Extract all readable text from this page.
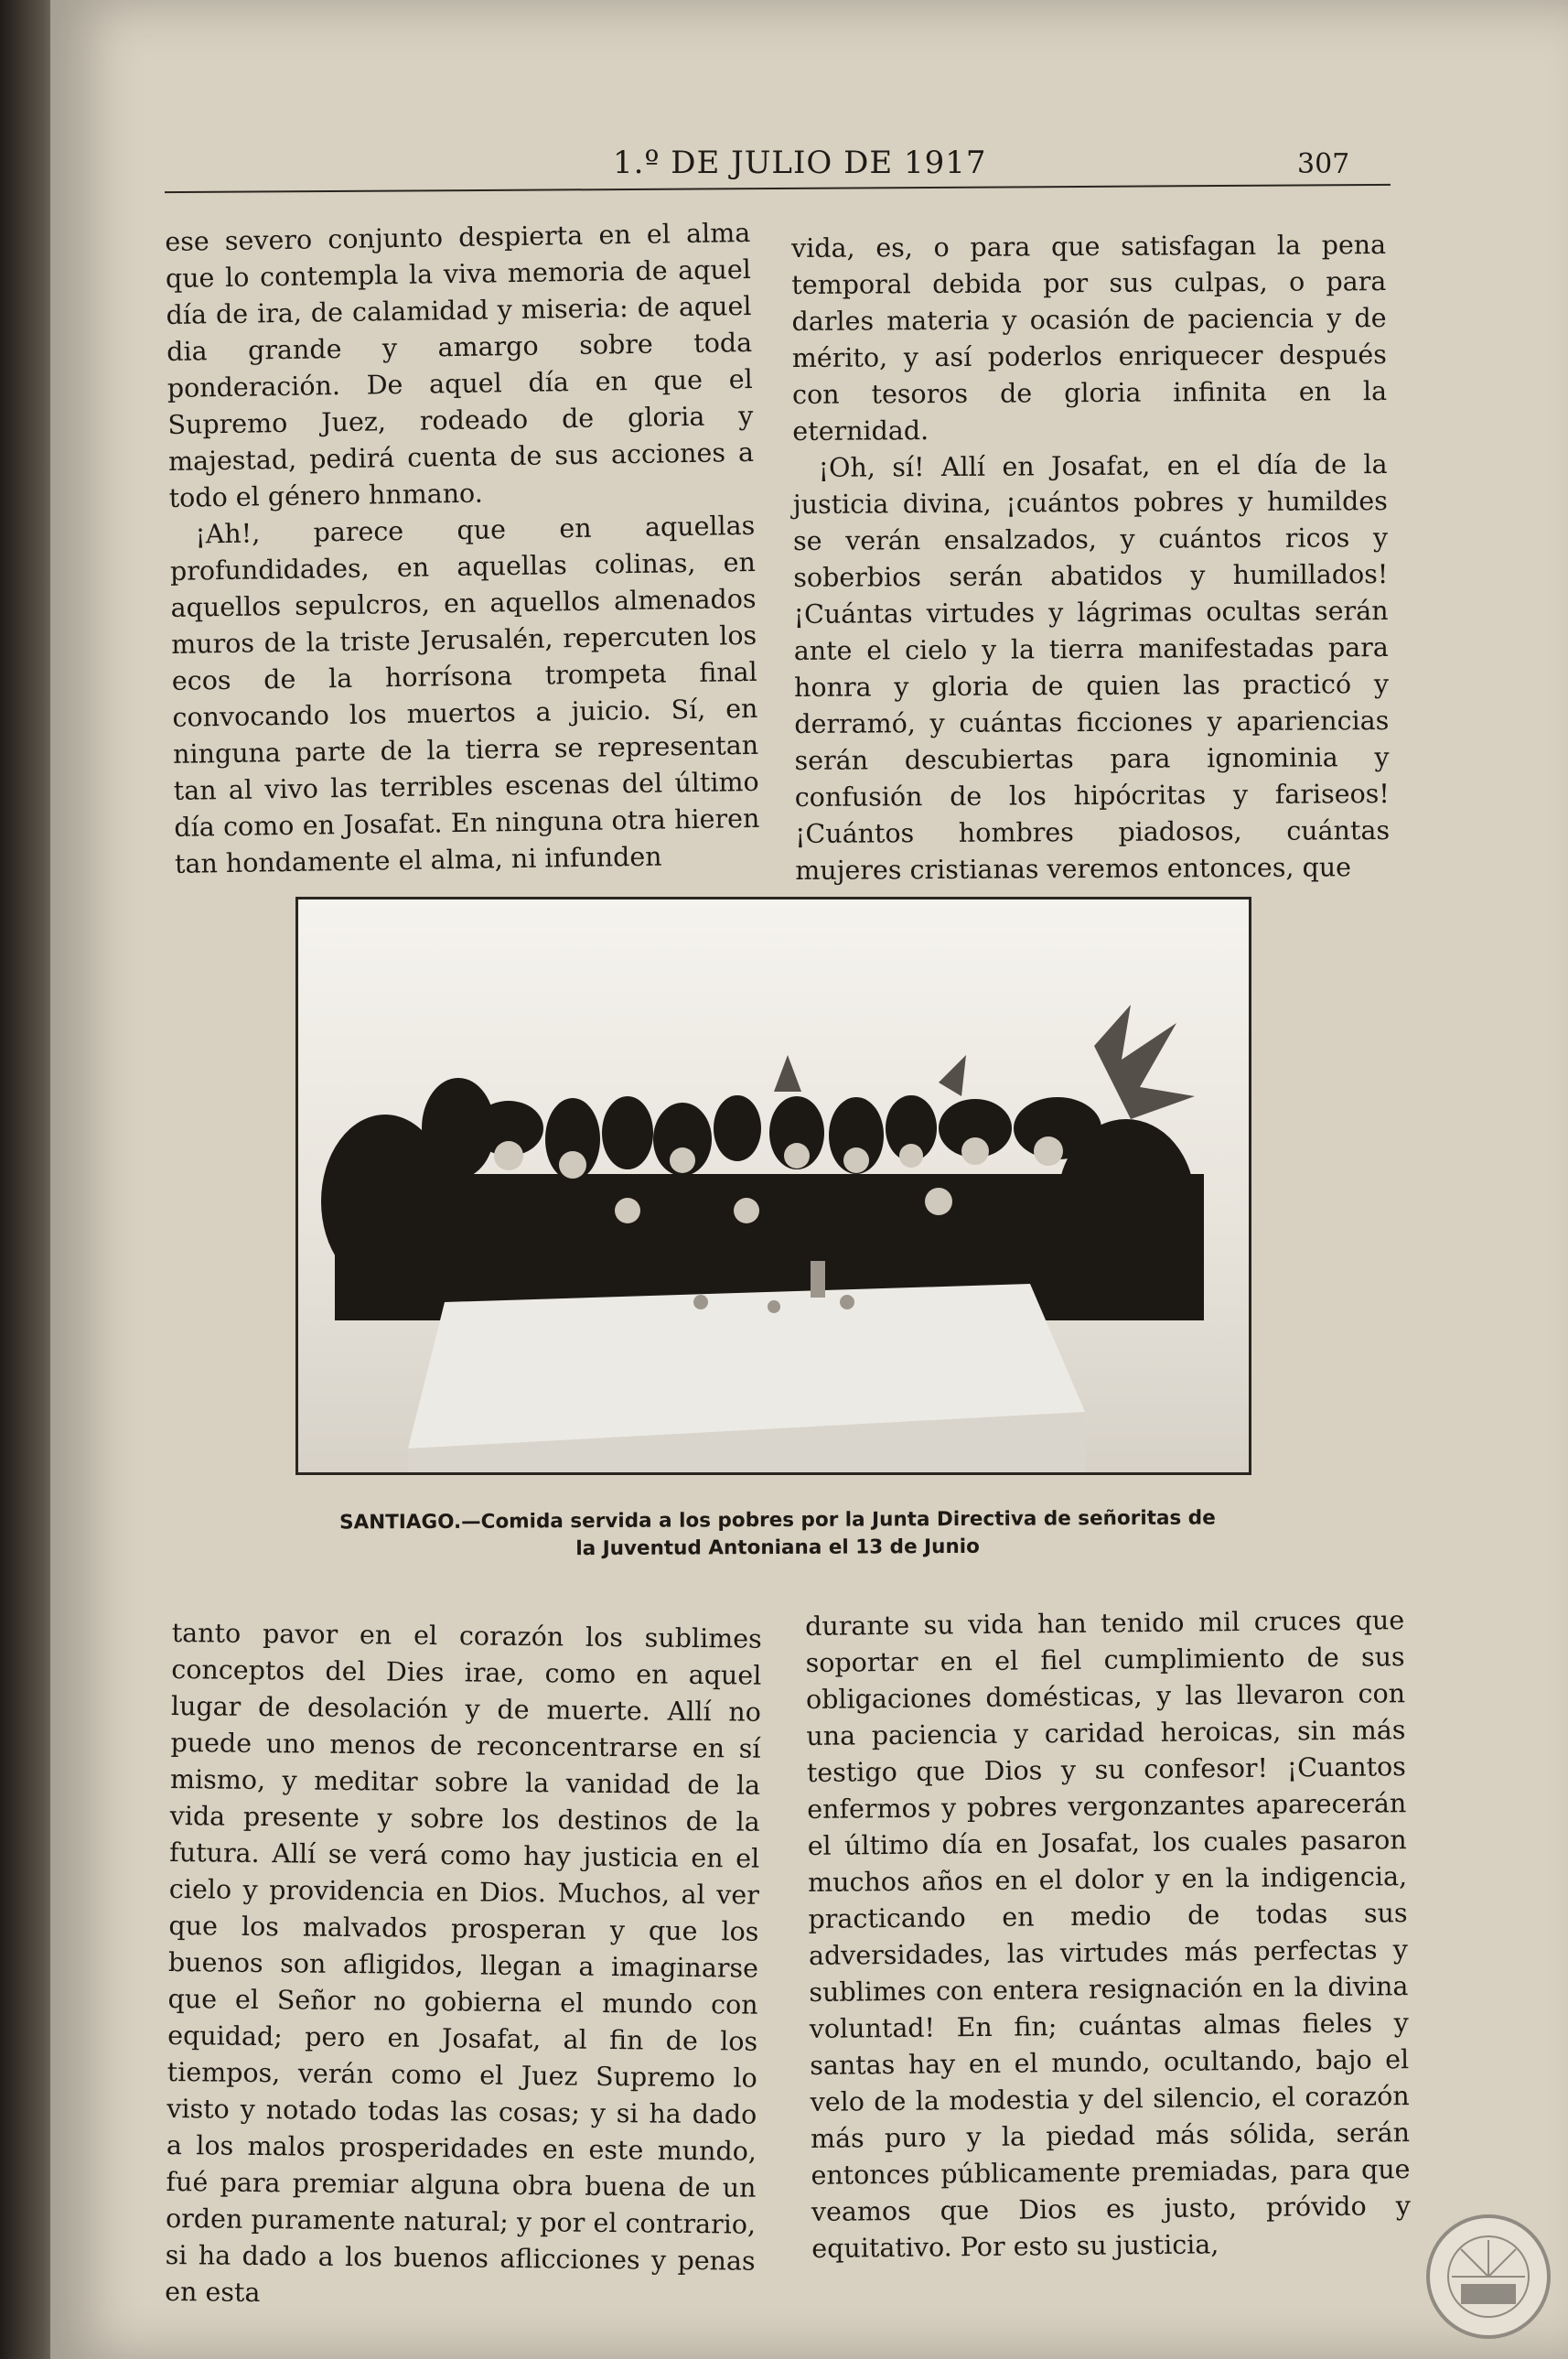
1.º DE JULIO DE 1917	307

ese severo conjunto despierta en el alma que lo contempla la viva memoria de aquel día de ira, de calamidad y miseria: de aquel dia grande y amargo sobre toda ponderación. De aquel día en que el Supremo Juez, rodeado de gloria y majestad, pedirá cuenta de sus acciones a todo el género hnmano.

¡Ah!, parece que en aquellas profundidades, en aquellas colinas, en aquellos sepulcros, en aquellos almenados muros de la triste Jerusalén, repercuten los ecos de la horrísona trompeta final convocando los muertos a juicio. Sí, en ninguna parte de la tierra se representan tan al vivo las terribles escenas del último día como en Josafat. En ninguna otra hieren tan hondamente el alma, ni infunden

vida, es, o para que satisfagan la pena temporal debida por sus culpas, o para darles materia y ocasión de paciencia y de mérito, y así poderlos enriquecer después con tesoros de gloria infinita en la eternidad.

¡Oh, sí! Allí en Josafat, en el día de la justicia divina, ¡cuántos pobres y humildes se verán ensalzados, y cuántos ricos y soberbios serán abatidos y humillados! ¡Cuántas virtudes y lágrimas ocultas serán ante el cielo y la tierra manifestadas para honra y gloria de quien las practicó y derramó, y cuántas ficciones y apariencias serán descubiertas para ignominia y confusión de los hipócritas y fariseos! ¡Cuántos hombres piadosos, cuántas mujeres cristianas veremos entonces, que

SANTIAGO.—Comida servida a los pobres por la Junta Directiva de señoritas de
la Juventud Antoniana el 13 de Junio

tanto pavor en el corazón los sublimes conceptos del Dies irae, como en aquel lugar de desolación y de muerte. Allí no puede uno menos de reconcentrarse en sí mismo, y meditar sobre la vanidad de la vida presente y sobre los destinos de la futura. Allí se verá como hay justicia en el cielo y providencia en Dios. Muchos, al ver que los malvados prosperan y que los buenos son afligidos, llegan a imaginarse que el Señor no gobierna el mundo con equidad; pero en Josafat, al fin de los tiempos, verán como el Juez Supremo lo visto y notado todas las cosas; y si ha dado a los malos prosperidades en este mundo, fué para premiar alguna obra buena de un orden puramente natural; y por el contrario, si ha dado a los buenos aflicciones y penas en esta

durante su vida han tenido mil cruces que soportar en el fiel cumplimiento de sus obligaciones domésticas, y las llevaron con una paciencia y caridad heroicas, sin más testigo que Dios y su confesor! ¡Cuantos enfermos y pobres vergonzantes aparecerán el último día en Josafat, los cuales pasaron muchos años en el dolor y en la indigencia, practicando en medio de todas sus adversidades, las virtudes más perfectas y sublimes con entera resignación en la divina voluntad! En fin; cuántas almas fieles y santas hay en el mundo, ocultando, bajo el velo de la modestia y del silencio, el corazón más puro y la piedad más sólida, serán entonces públicamente premiadas, para que veamos que Dios es justo, próvido y equitativo. Por esto su justicia,
